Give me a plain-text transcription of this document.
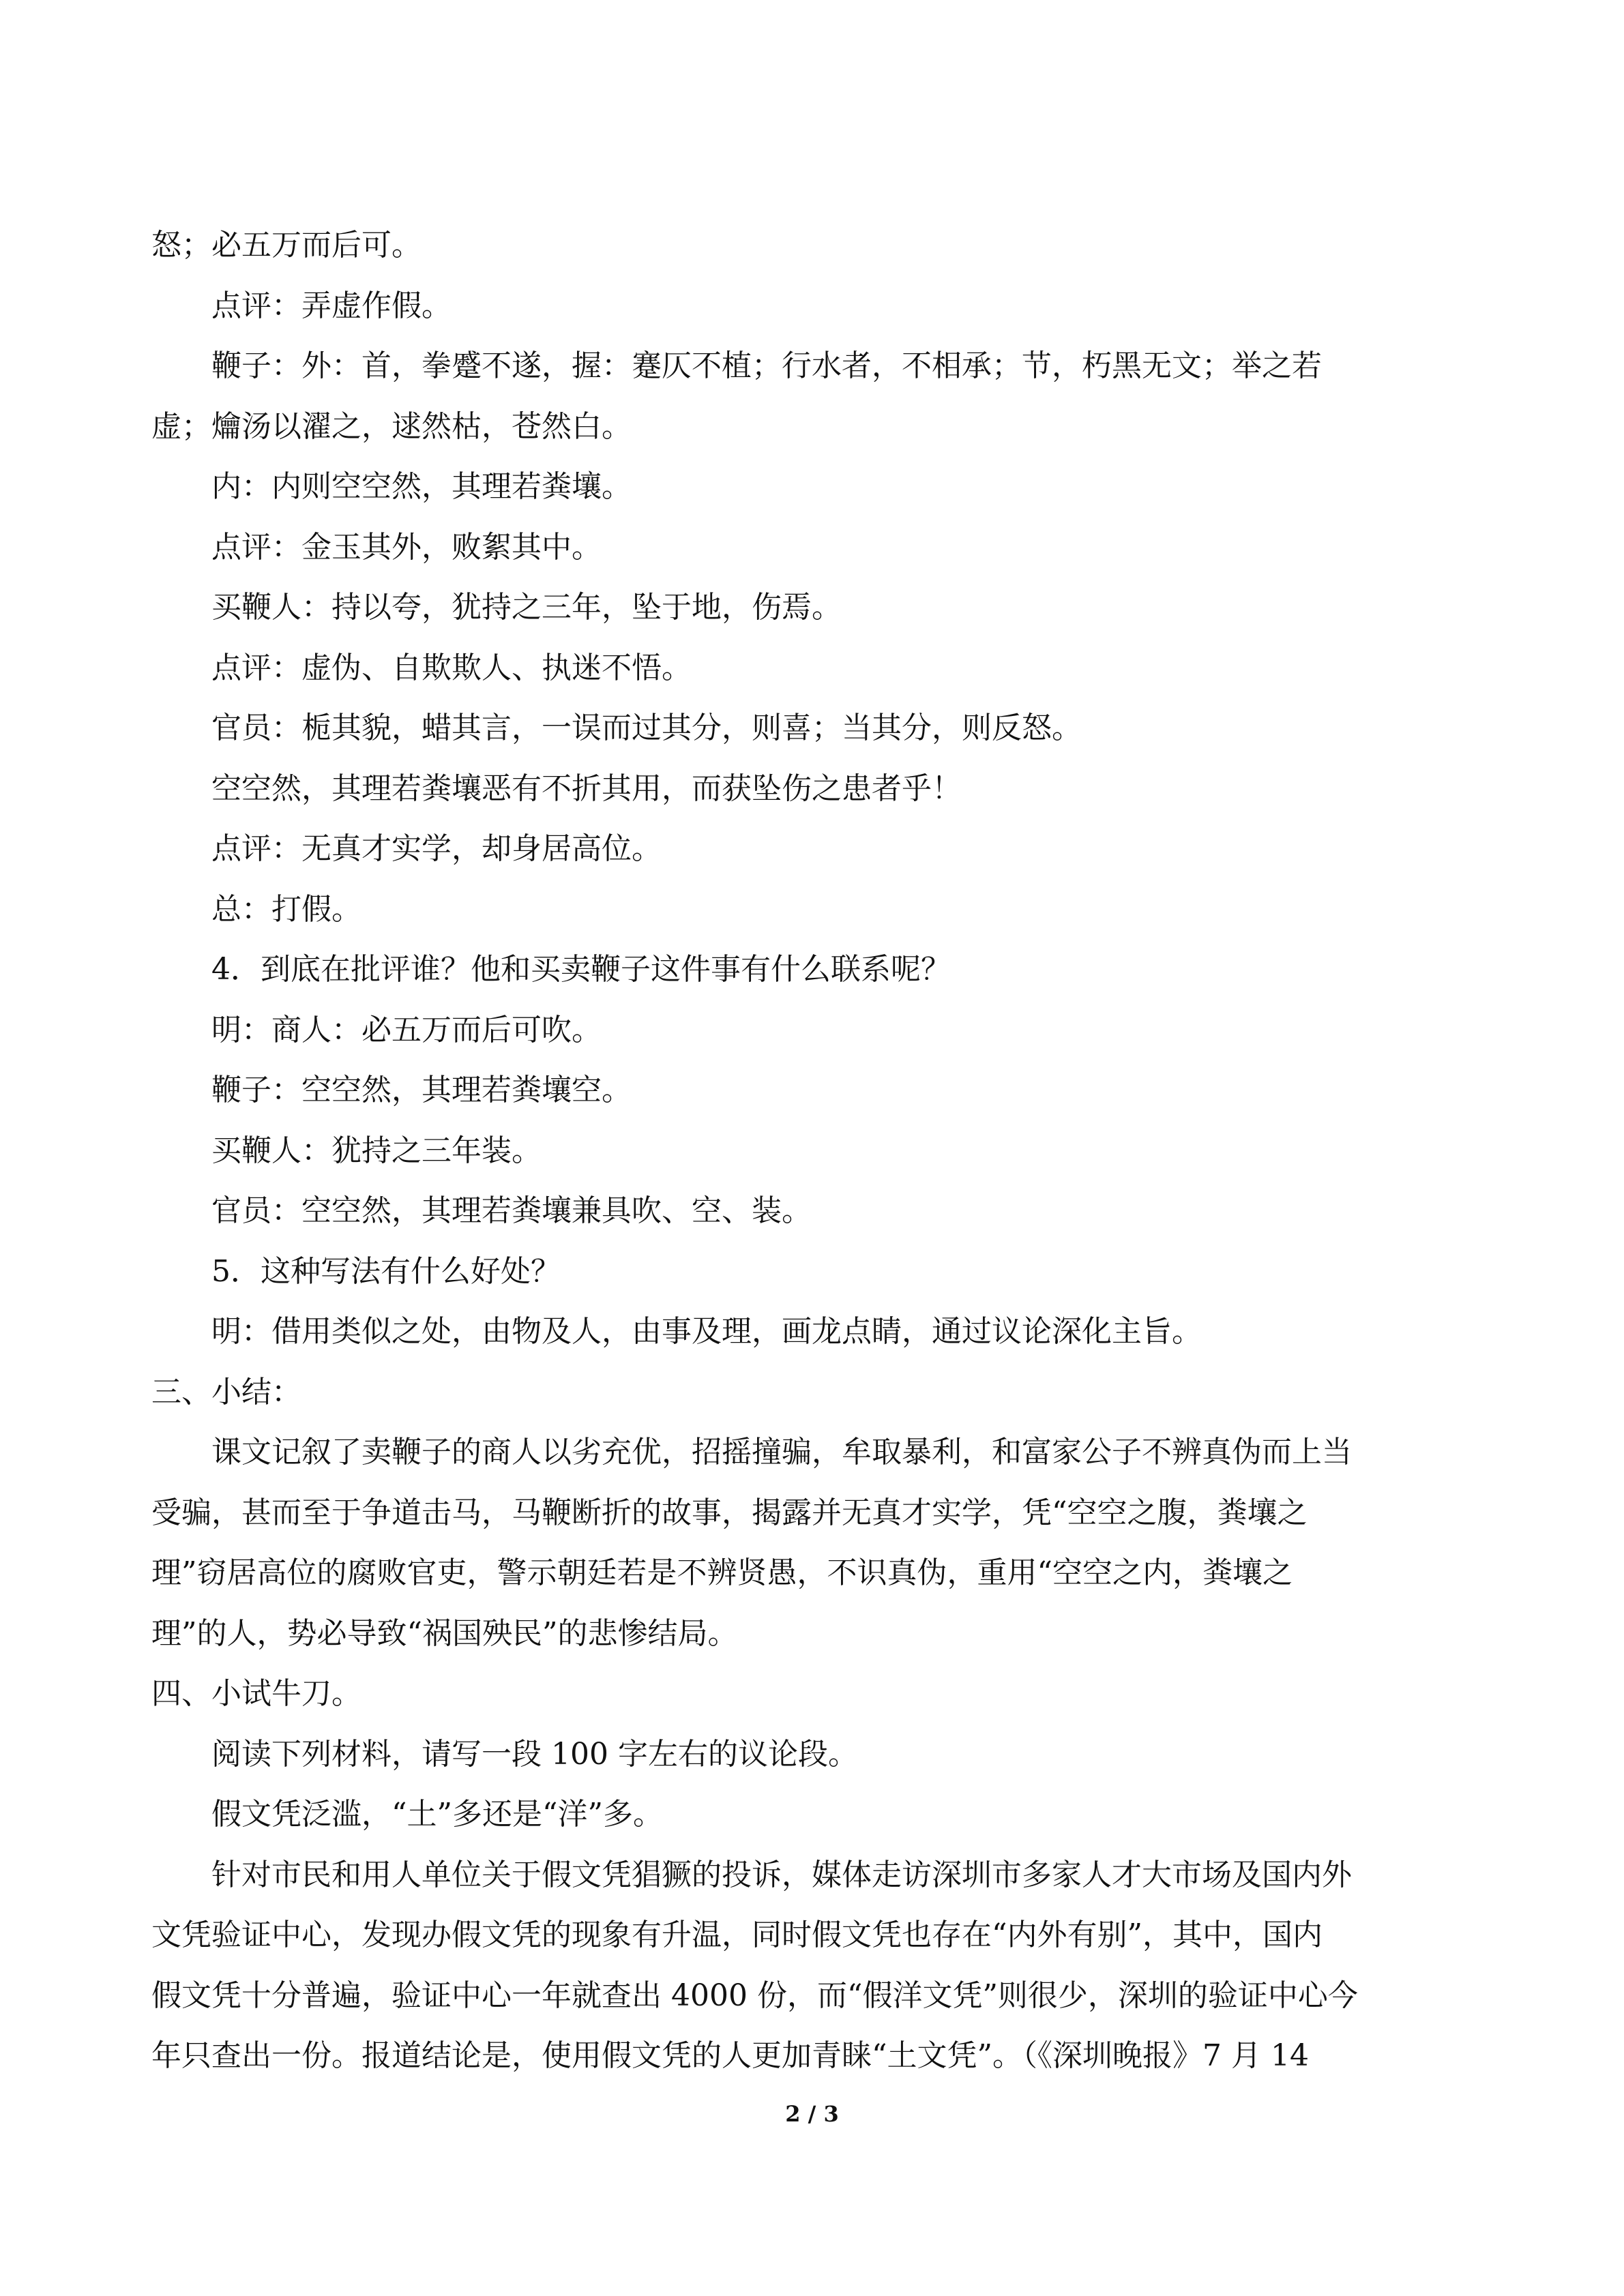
怒；必五万而后可。
点评：弄虚作假。
鞭子：外：首，拳蹙不遂，握：蹇仄不植；行水者，不相承；节，朽黑无文；举之若
虚；爚汤以濯之，逑然枯，苍然白。
内：内则空空然，其理若粪壤。
点评：金玉其外，败絮其中。
买鞭人：持以夸，犹持之三年，坠于地，伤焉。
点评：虚伪、自欺欺人、执迷不悟。
官员：栀其貌，蜡其言，一误而过其分，则喜；当其分，则反怒。
空空然，其理若粪壤恶有不折其用，而获坠伤之患者乎！
点评：无真才实学，却身居高位。
总：打假。
4．到底在批评谁？他和买卖鞭子这件事有什么联系呢？
明：商人：必五万而后可吹。
鞭子：空空然，其理若粪壤空。
买鞭人：犹持之三年装。
官员：空空然，其理若粪壤兼具吹、空、装。
5．这种写法有什么好处？
明：借用类似之处，由物及人，由事及理，画龙点睛，通过议论深化主旨。
三、小结：
课文记叙了卖鞭子的商人以劣充优，招摇撞骗，牟取暴利，和富家公子不辨真伪而上当
受骗，甚而至于争道击马，马鞭断折的故事，揭露并无真才实学，凭“空空之腹，粪壤之
理”窃居高位的腐败官吏，警示朝廷若是不辨贤愚，不识真伪，重用“空空之内，粪壤之
理”的人，势必导致“祸国殃民”的悲惨结局。
四、小试牛刀。
阅读下列材料，请写一段 100 字左右的议论段。
假文凭泛滥，“土”多还是“洋”多。
针对市民和用人单位关于假文凭猖獗的投诉，媒体走访深圳市多家人才大市场及国内外
文凭验证中心，发现办假文凭的现象有升温，同时假文凭也存在“内外有别”，其中，国内
假文凭十分普遍，验证中心一年就查出 4000 份，而“假洋文凭”则很少，深圳的验证中心今
年只查出一份。报道结论是，使用假文凭的人更加青睐“土文凭”。（《深圳晚报》7 月 14
2 / 3
